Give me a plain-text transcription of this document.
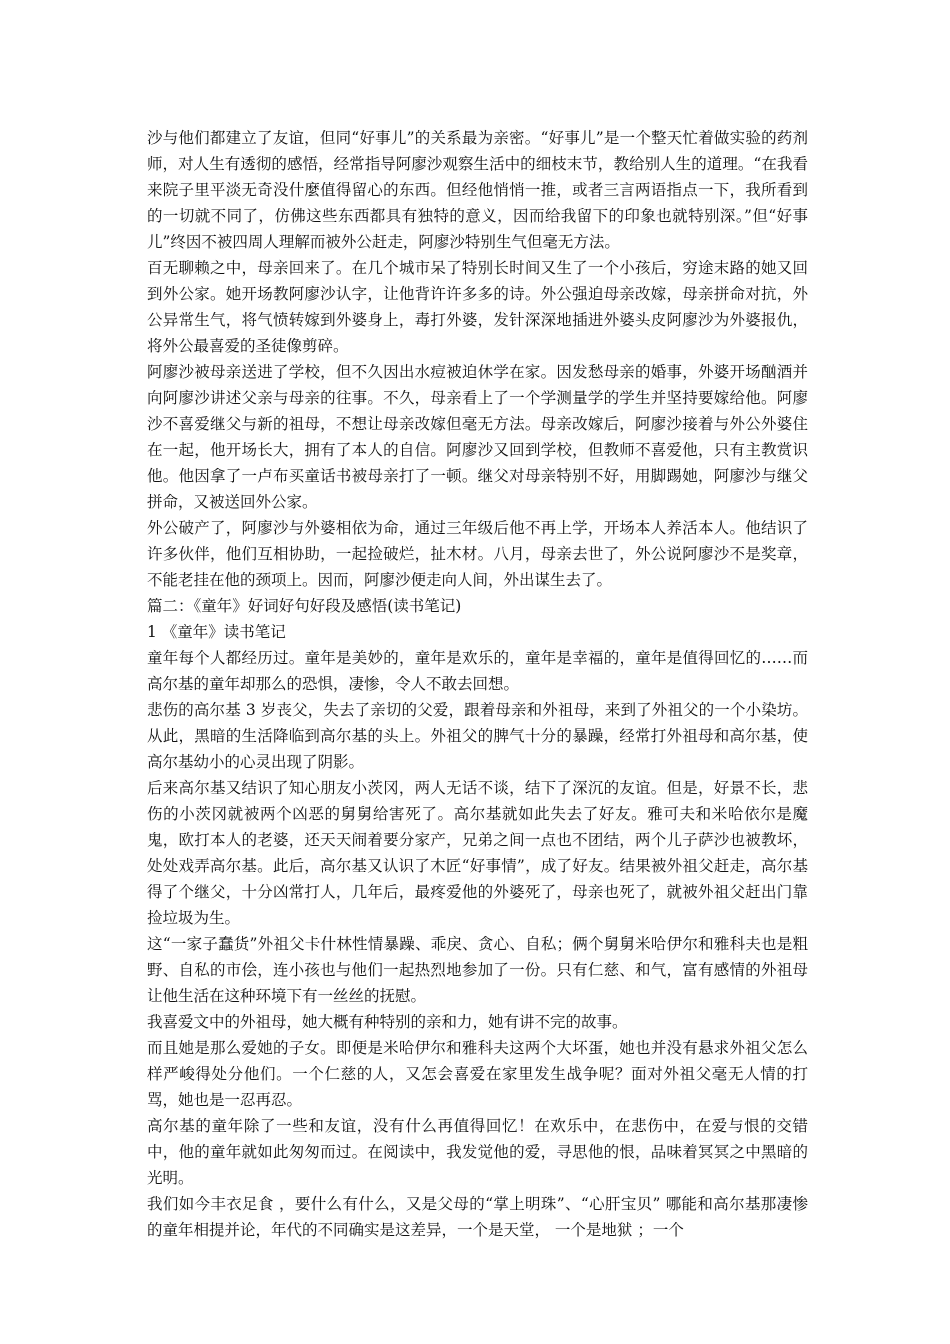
沙与他们都建立了友谊，但同“好事儿”的关系最为亲密。“好事儿”是一个整天忙着做实验的药剂师，对人生有透彻的感悟，经常指导阿廖沙观察生活中的细枝末节，教给别人生的道理。“在我看来院子里平淡无奇没什麼值得留心的东西。但经他悄悄一推，或者三言两语指点一下，我所看到的一切就不同了，仿佛这些东西都具有独特的意义，因而给我留下的印象也就特别深。”但“好事儿”终因不被四周人理解而被外公赶走，阿廖沙特别生气但毫无方法。

百无聊赖之中，母亲回来了。在几个城市呆了特别长时间又生了一个小孩后，穷途末路的她又回到外公家。她开场教阿廖沙认字，让他背许许多多的诗。外公强迫母亲改嫁，母亲拼命对抗，外公异常生气，将气愤转嫁到外婆身上，毒打外婆，发针深深地插进外婆头皮阿廖沙为外婆报仇，将外公最喜爱的圣徒像剪碎。

阿廖沙被母亲送进了学校，但不久因出水痘被迫休学在家。因发愁母亲的婚事，外婆开场酗酒并向阿廖沙讲述父亲与母亲的往事。不久，母亲看上了一个学测量学的学生并坚持要嫁给他。阿廖沙不喜爱继父与新的祖母，不想让母亲改嫁但毫无方法。母亲改嫁后，阿廖沙接着与外公外婆住在一起，他开场长大，拥有了本人的自信。阿廖沙又回到学校，但教师不喜爱他，只有主教赏识他。他因拿了一卢布买童话书被母亲打了一顿。继父对母亲特别不好，用脚踢她，阿廖沙与继父拼命，又被送回外公家。

外公破产了，阿廖沙与外婆相依为命，通过三年级后他不再上学，开场本人养活本人。他结识了许多伙伴，他们互相协助，一起捡破烂，扯木材。八月，母亲去世了，外公说阿廖沙不是奖章，不能老挂在他的颈项上。因而，阿廖沙便走向人间，外出谋生去了。

篇二：《童年》好词好句好段及感悟(读书笔记)

1 《童年》读书笔记

童年每个人都经历过。童年是美妙的，童年是欢乐的，童年是幸福的，童年是值得回忆的……而高尔基的童年却那么的恐惧，凄惨，令人不敢去回想。

悲伤的高尔基 3 岁丧父，失去了亲切的父爱，跟着母亲和外祖母，来到了外祖父的一个小染坊。从此，黑暗的生活降临到高尔基的头上。外祖父的脾气十分的暴躁，经常打外祖母和高尔基，使高尔基幼小的心灵出现了阴影。

后来高尔基又结识了知心朋友小茨冈，两人无话不谈，结下了深沉的友谊。但是，好景不长，悲伤的小茨冈就被两个凶恶的舅舅给害死了。高尔基就如此失去了好友。雅可夫和米哈依尔是魔鬼，欧打本人的老婆，还天天闹着要分家产，兄弟之间一点也不团结，两个儿子萨沙也被教坏，处处戏弄高尔基。此后，高尔基又认识了木匠“好事情”，成了好友。结果被外祖父赶走，高尔基得了个继父，十分凶常打人，几年后，最疼爱他的外婆死了，母亲也死了，就被外祖父赶出门靠捡垃圾为生。

这“一家子蠢货”外祖父卡什林性情暴躁、乖戾、贪心、自私；俩个舅舅米哈伊尔和雅科夫也是粗野、自私的市侩，连小孩也与他们一起热烈地参加了一份。只有仁慈、和气，富有感情的外祖母让他生活在这种环境下有一丝丝的抚慰。

我喜爱文中的外祖母，她大概有种特别的亲和力，她有讲不完的故事。

而且她是那么爱她的子女。即便是米哈伊尔和雅科夫这两个大坏蛋，她也并没有悬求外祖父怎么样严峻得处分他们。一个仁慈的人，又怎会喜爱在家里发生战争呢？面对外祖父毫无人情的打骂，她也是一忍再忍。

高尔基的童年除了一些和友谊，没有什么再值得回忆！在欢乐中，在悲伤中，在爱与恨的交错中，他的童年就如此匆匆而过。在阅读中，我发觉他的爱，寻思他的恨，品味着冥冥之中黑暗的光明。

我们如今丰衣足食 ，要什么有什么，又是父母的“掌上明珠”、“心肝宝贝” 哪能和高尔基那凄惨的童年相提并论，年代的不同确实是这差异，一个是天堂， 一个是地狱 ；一个
